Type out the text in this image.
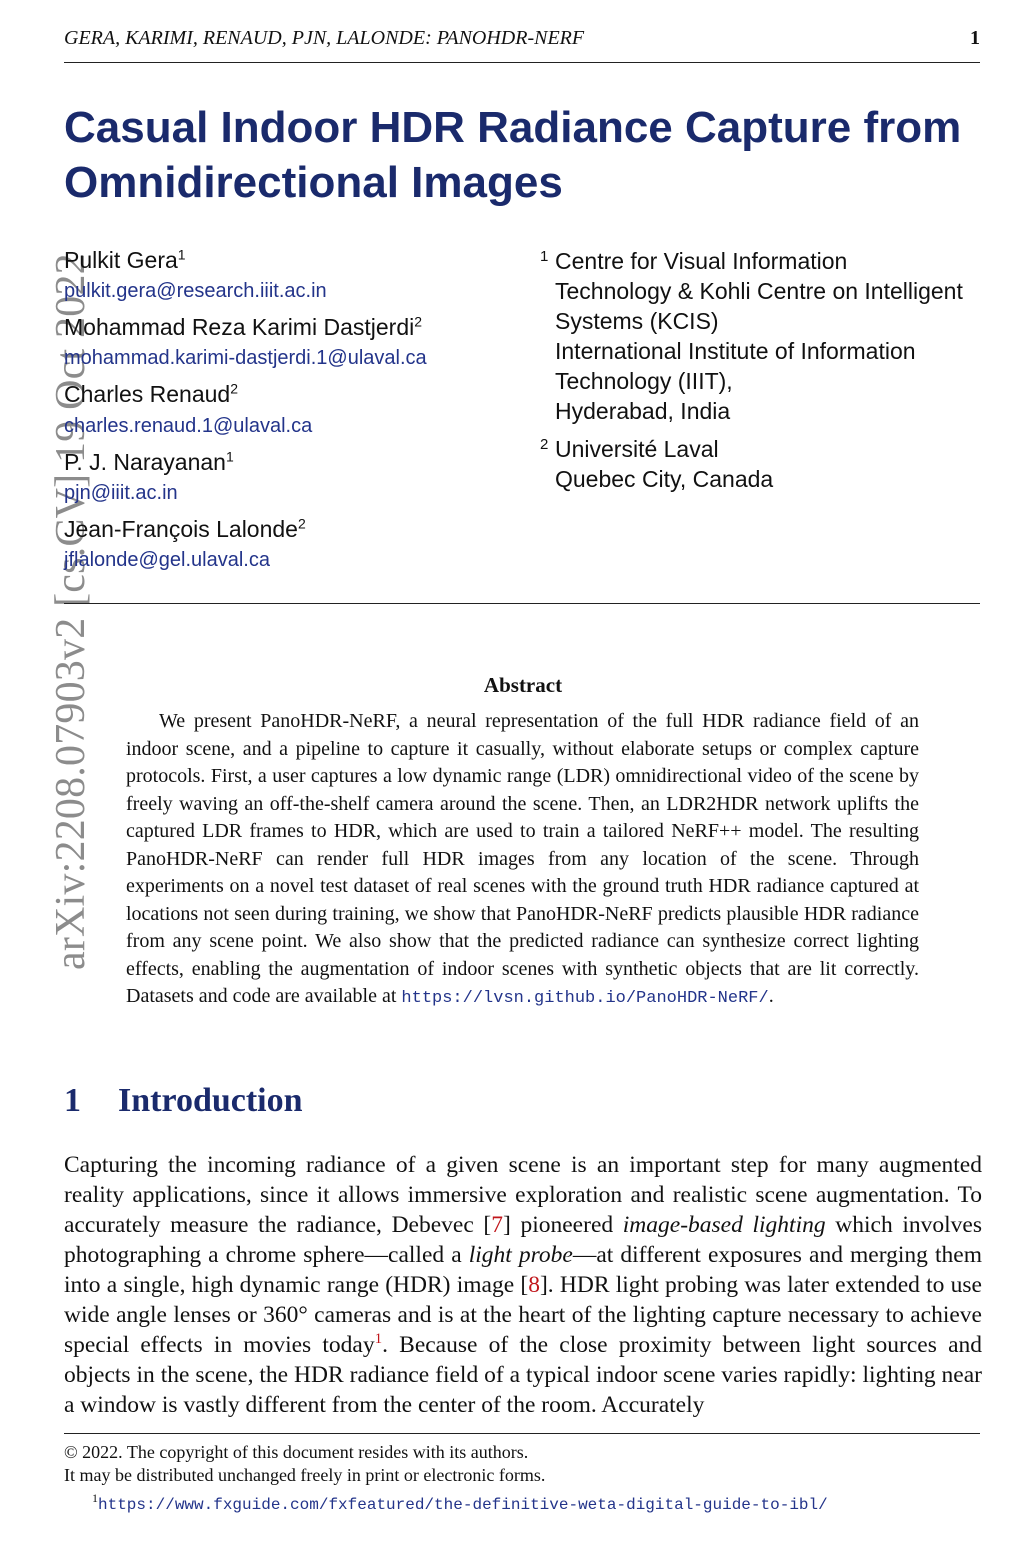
GERA, KARIMI, RENAUD, PJN, LALONDE: PANOHDR-NERF	1
arXiv:2208.07903v2 [cs.CV] 19 Oct 2022
Casual Indoor HDR Radiance Capture from Omnidirectional Images
Pulkit Gera$^1$
pulkit.gera@research.iiit.ac.in
Mohammad Reza Karimi Dastjerdi$^2$
mohammad.karimi-dastjerdi.1@ulaval.ca
Charles Renaud$^2$
charles.renaud.1@ulaval.ca
P. J. Narayanan$^1$
pjn@iiit.ac.in
Jean-François Lalonde$^2$
jflalonde@gel.ulaval.ca
1 Centre for Visual Information
Technology & Kohli Centre on Intelligent
Systems (KCIS)
International Institute of Information
Technology (IIIT),
Hyderabad, India
2 Université Laval
Quebec City, Canada
Abstract

We present PanoHDR-NeRF, a neural representation of the full HDR radiance field of an indoor scene, and a pipeline to capture it casually, without elaborate setups or complex capture protocols. First, a user captures a low dynamic range (LDR) omnidirectional video of the scene by freely waving an off-the-shelf camera around the scene. Then, an LDR2HDR network uplifts the captured LDR frames to HDR, which are used to train a tailored NeRF++ model. The resulting PanoHDR-NeRF can render full HDR images from any location of the scene. Through experiments on a novel test dataset of real scenes with the ground truth HDR radiance captured at locations not seen during training, we show that PanoHDR-NeRF predicts plausible HDR radiance from any scene point. We also show that the predicted radiance can synthesize correct lighting effects, enabling the augmentation of indoor scenes with synthetic objects that are lit correctly. Datasets and code are available at https://lvsn.github.io/PanoHDR-NeRF/.

1 Introduction

Capturing the incoming radiance of a given scene is an important step for many augmented reality applications, since it allows immersive exploration and realistic scene augmentation. To accurately measure the radiance, Debevec [7] pioneered image-based lighting which involves photographing a chrome sphere—called a light probe—at different exposures and merging them into a single, high dynamic range (HDR) image [8]. HDR light probing was later extended to use wide angle lenses or 360° cameras and is at the heart of the lighting capture necessary to achieve special effects in movies today$^1$. Because of the close proximity between light sources and objects in the scene, the HDR radiance field of a typical indoor scene varies rapidly: lighting near a window is vastly different from the center of the room. Accurately

© 2022. The copyright of this document resides with its authors.
It may be distributed unchanged freely in print or electronic forms.
$^1$https://www.fxguide.com/fxfeatured/the-definitive-weta-digital-guide-to-ibl/
